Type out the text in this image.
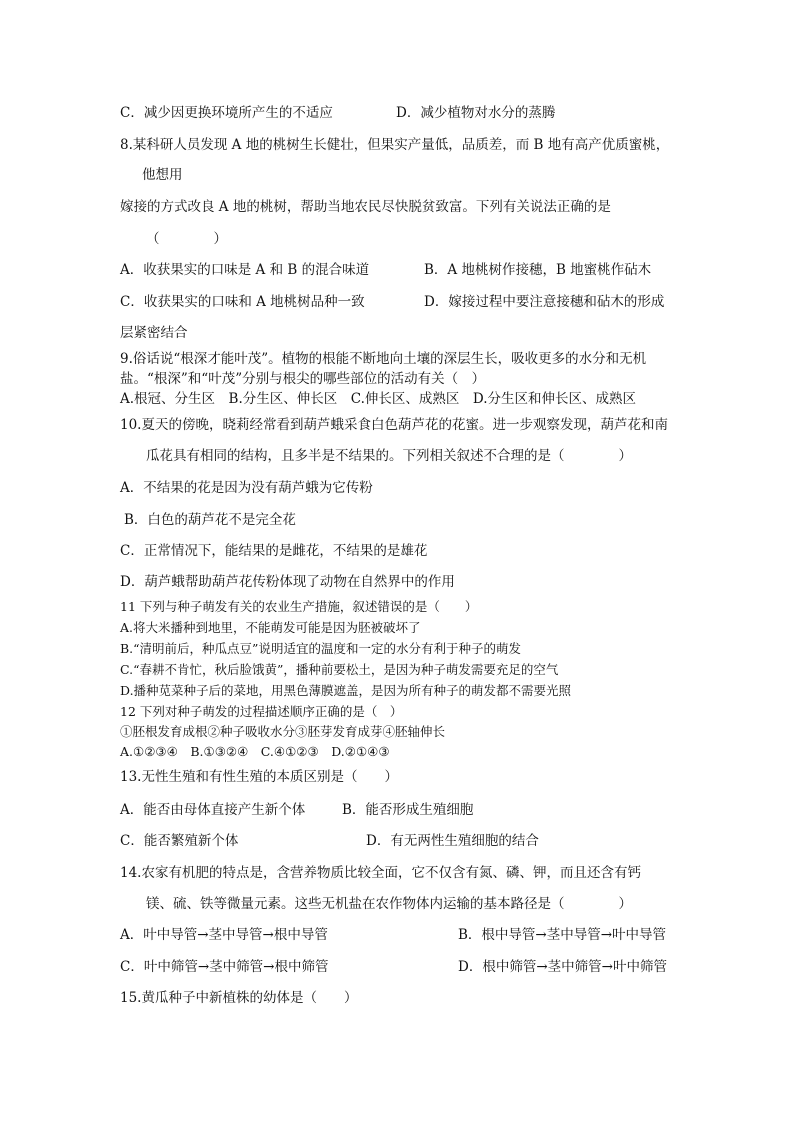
C．减少因更换环境所产生的不适应	D．减少植物对水分的蒸腾
8.某科研人员发现 A 地的桃树生长健壮，但果实产量低，品质差，而 B 地有高产优质蜜桃，
他想用
嫁接的方式改良 A 地的桃树，帮助当地农民尽快脱贫致富。下列有关说法正确的是
（　　　　）
A．收获果实的口味是 A 和 B 的混合味道	B．A 地桃树作接穗，B 地蜜桃作砧木
C．收获果实的口味和 A 地桃树品种一致	D．嫁接过程中要注意接穗和砧木的形成
层紧密结合
9.俗话说“根深才能叶茂”。植物的根能不断地向土壤的深层生长，吸收更多的水分和无机
盐。“根深”和“叶茂”分别与根尖的哪些部位的活动有关（　）
A.根冠、分生区　B.分生区、伸长区　C.伸长区、成熟区　D.分生区和伸长区、成熟区
10.夏天的傍晚，晓莉经常看到葫芦蛾采食白色葫芦花的花蜜。进一步观察发现，葫芦花和南
瓜花具有相同的结构，且多半是不结果的。下列相关叙述不合理的是（　　　　）
A．不结果的花是因为没有葫芦蛾为它传粉
B．白色的葫芦花不是完全花
C．正常情况下，能结果的是雌花，不结果的是雄花
D．葫芦蛾帮助葫芦花传粉体现了动物在自然界中的作用
11 下列与种子萌发有关的农业生产措施，叙述错误的是（　　）
A.将大米播种到地里，不能萌发可能是因为胚被破坏了
B.“清明前后，种瓜点豆”说明适宜的温度和一定的水分有利于种子的萌发
C.“春耕不肯忙，秋后脸饿黄”，播种前要松土，是因为种子萌发需要充足的空气
D.播种苋菜种子后的菜地，用黑色薄膜遮盖，是因为所有种子的萌发都不需要光照
12 下列对种子萌发的过程描述顺序正确的是（　）
①胚根发育成根②种子吸收水分③胚芽发育成芽④胚轴伸长
A.①②③④　B.①③②④　C.④①②③　D.②①④③
13.无性生殖和有性生殖的本质区别是（　　）
A．能否由母体直接产生新个体	B．能否形成生殖细胞
C．能否繁殖新个体	D．有无两性生殖细胞的结合
14.农家有机肥的特点是，含营养物质比较全面，它不仅含有氮、磷、钾，而且还含有钙
镁、硫、铁等微量元素。这些无机盐在农作物体内运输的基本路径是（　　　　）
A．叶中导管→茎中导管→根中导管	B．根中导管→茎中导管→叶中导管
C．叶中筛管→茎中筛管→根中筛管	D．根中筛管→茎中筛管→叶中筛管
15.黄瓜种子中新植株的幼体是（　　）
